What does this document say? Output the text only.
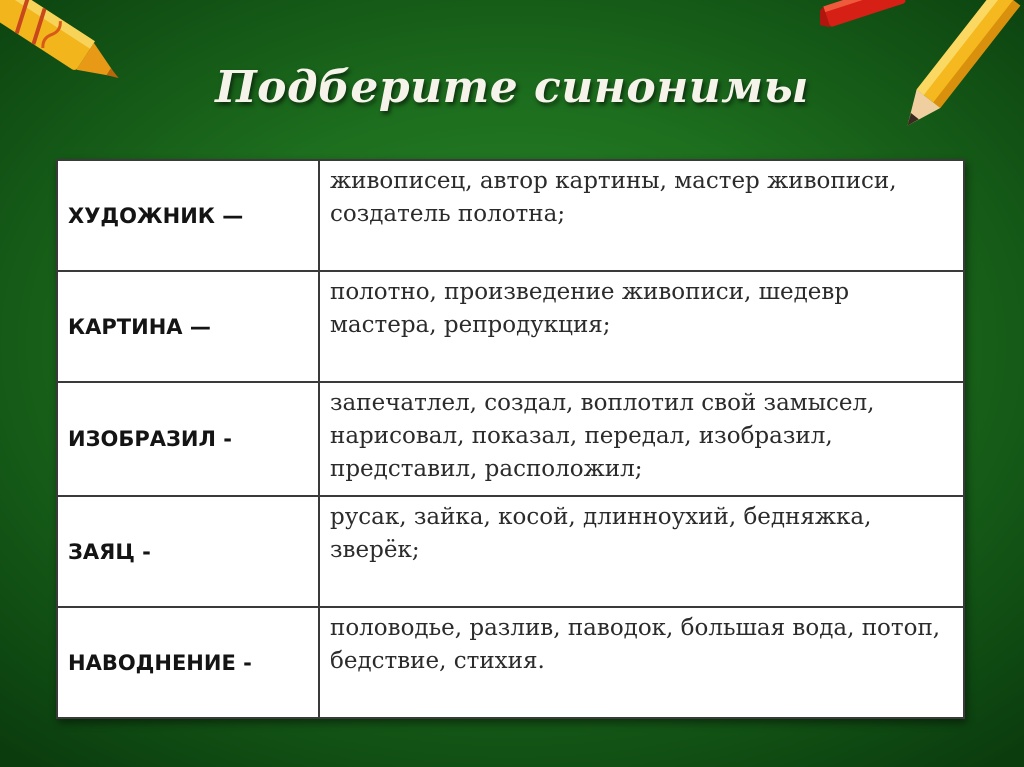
Подберите синонимы
ХУДОЖНИК —	живописец, автор картины, мастер живописи, создатель полотна;
КАРТИНА —	полотно, произведение живописи, шедевр мастера, репродукция;
ИЗОБРАЗИЛ -	запечатлел, создал, воплотил свой замысел, нарисовал, показал, передал, изобразил, представил, расположил;
ЗАЯЦ -	русак, зайка, косой, длинноухий, бедняжка, зверёк;
НАВОДНЕНИЕ -	половодье, разлив, паводок, большая вода, потоп, бедствие, стихия.
